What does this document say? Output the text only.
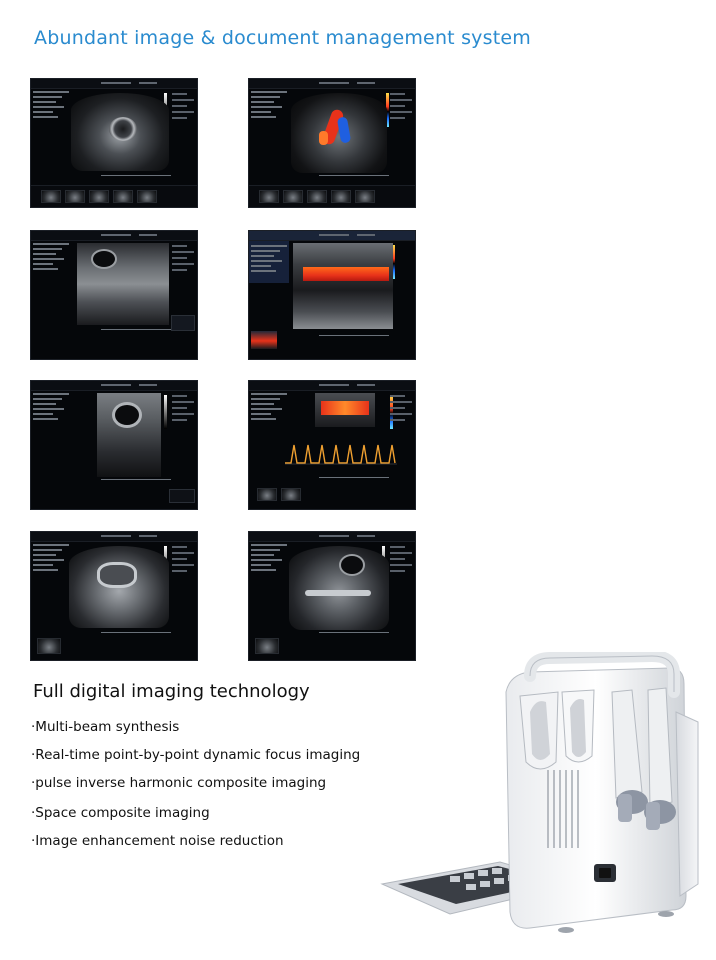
Abundant image & document management system
Full digital imaging technology
·Multi-beam synthesis
·Real-time point-by-point dynamic focus imaging
·pulse inverse harmonic composite imaging
·Space composite imaging
·Image enhancement noise reduction
